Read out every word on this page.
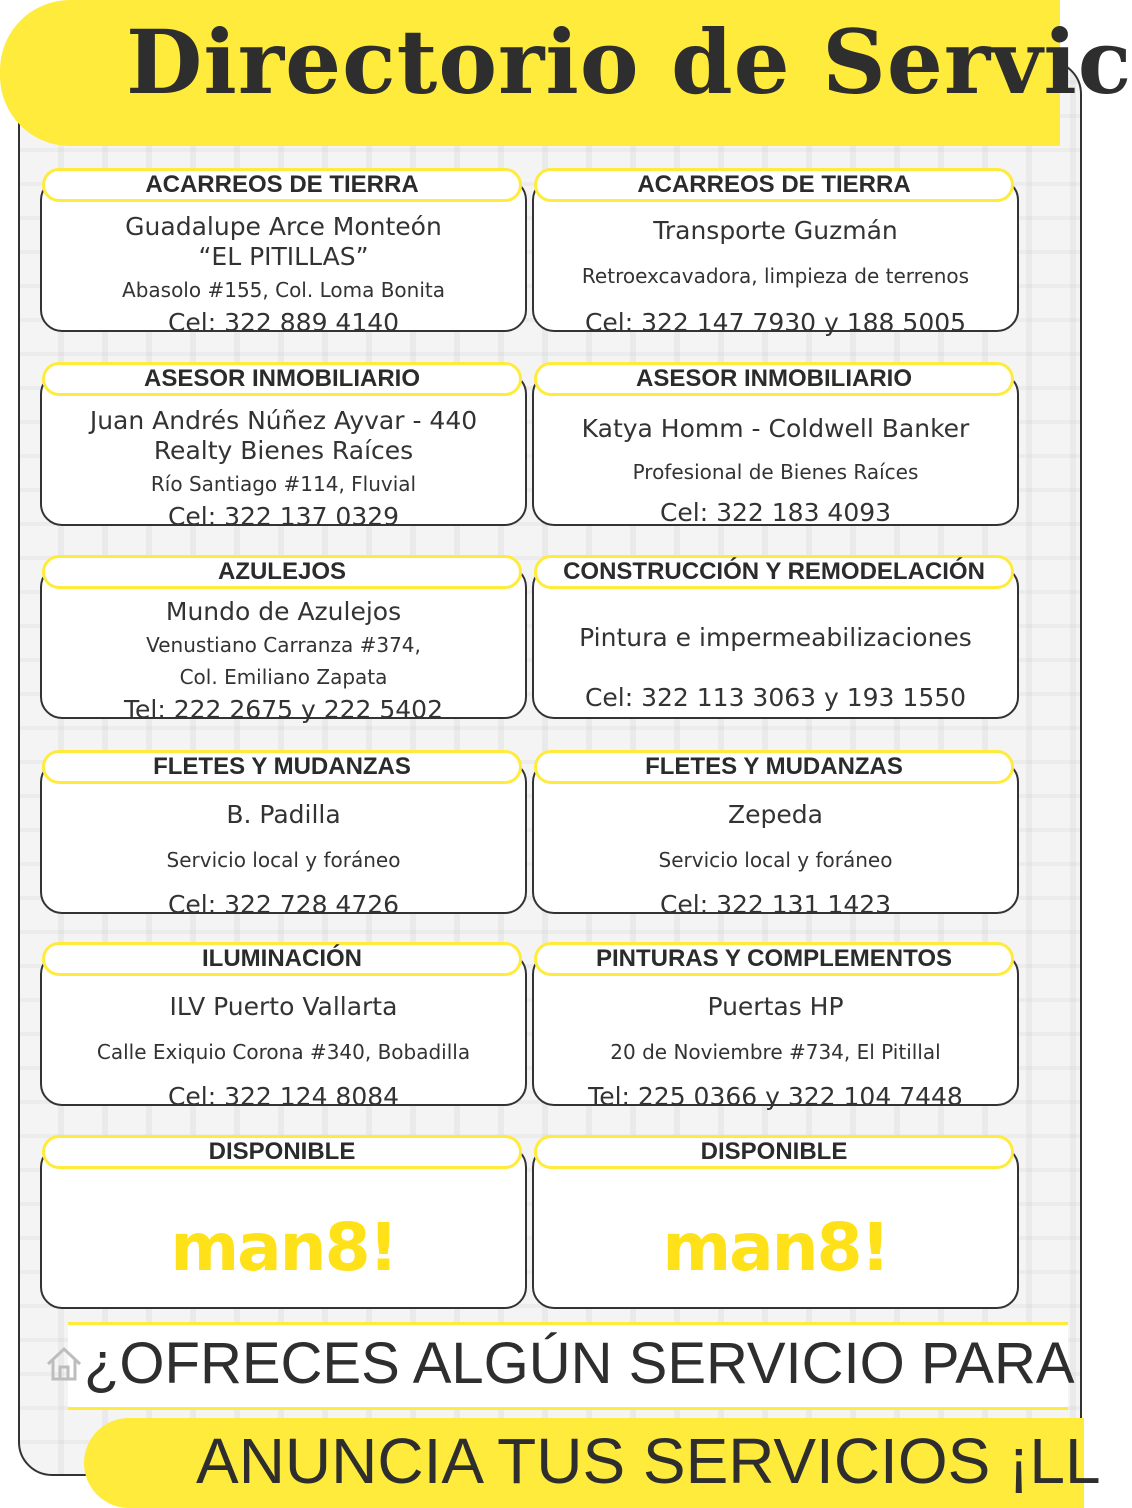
Directorio de Servic
ACARREOS DE TIERRA
Guadalupe Arce Monteón
“EL PITILLAS”
Abasolo #155, Col. Loma Bonita
Cel: 322 889 4140
ACARREOS DE TIERRA
Transporte Guzmán
Retroexcavadora, limpieza de terrenos
Cel: 322 147 7930 y 188 5005
ASESOR INMOBILIARIO
Juan Andrés Núñez Ayvar - 440
Realty Bienes Raíces
Río Santiago #114, Fluvial
Cel: 322 137 0329
ASESOR INMOBILIARIO
Katya Homm - Coldwell Banker
Profesional de Bienes Raíces
Cel: 322 183 4093
AZULEJOS
Mundo de Azulejos
Venustiano Carranza #374,
Col. Emiliano Zapata
Tel: 222 2675 y 222 5402
CONSTRUCCIÓN Y REMODELACIÓN
Pintura e impermeabilizaciones
Cel: 322 113 3063 y 193 1550
FLETES Y MUDANZAS
B. Padilla
Servicio local y foráneo
Cel: 322 728 4726
FLETES Y MUDANZAS
Zepeda
Servicio local y foráneo
Cel: 322 131 1423
ILUMINACIÓN
ILV Puerto Vallarta
Calle Exiquio Corona #340, Bobadilla
Cel: 322 124 8084
PINTURAS Y COMPLEMENTOS
Puertas HP
20 de Noviembre #734, El Pitillal
Tel: 225 0366 y 322 104 7448
DISPONIBLE
man8!
DISPONIBLE
man8!
¿OFRECES ALGÚN SERVICIO PARA
ANUNCIA TUS SERVICIOS ¡LL
